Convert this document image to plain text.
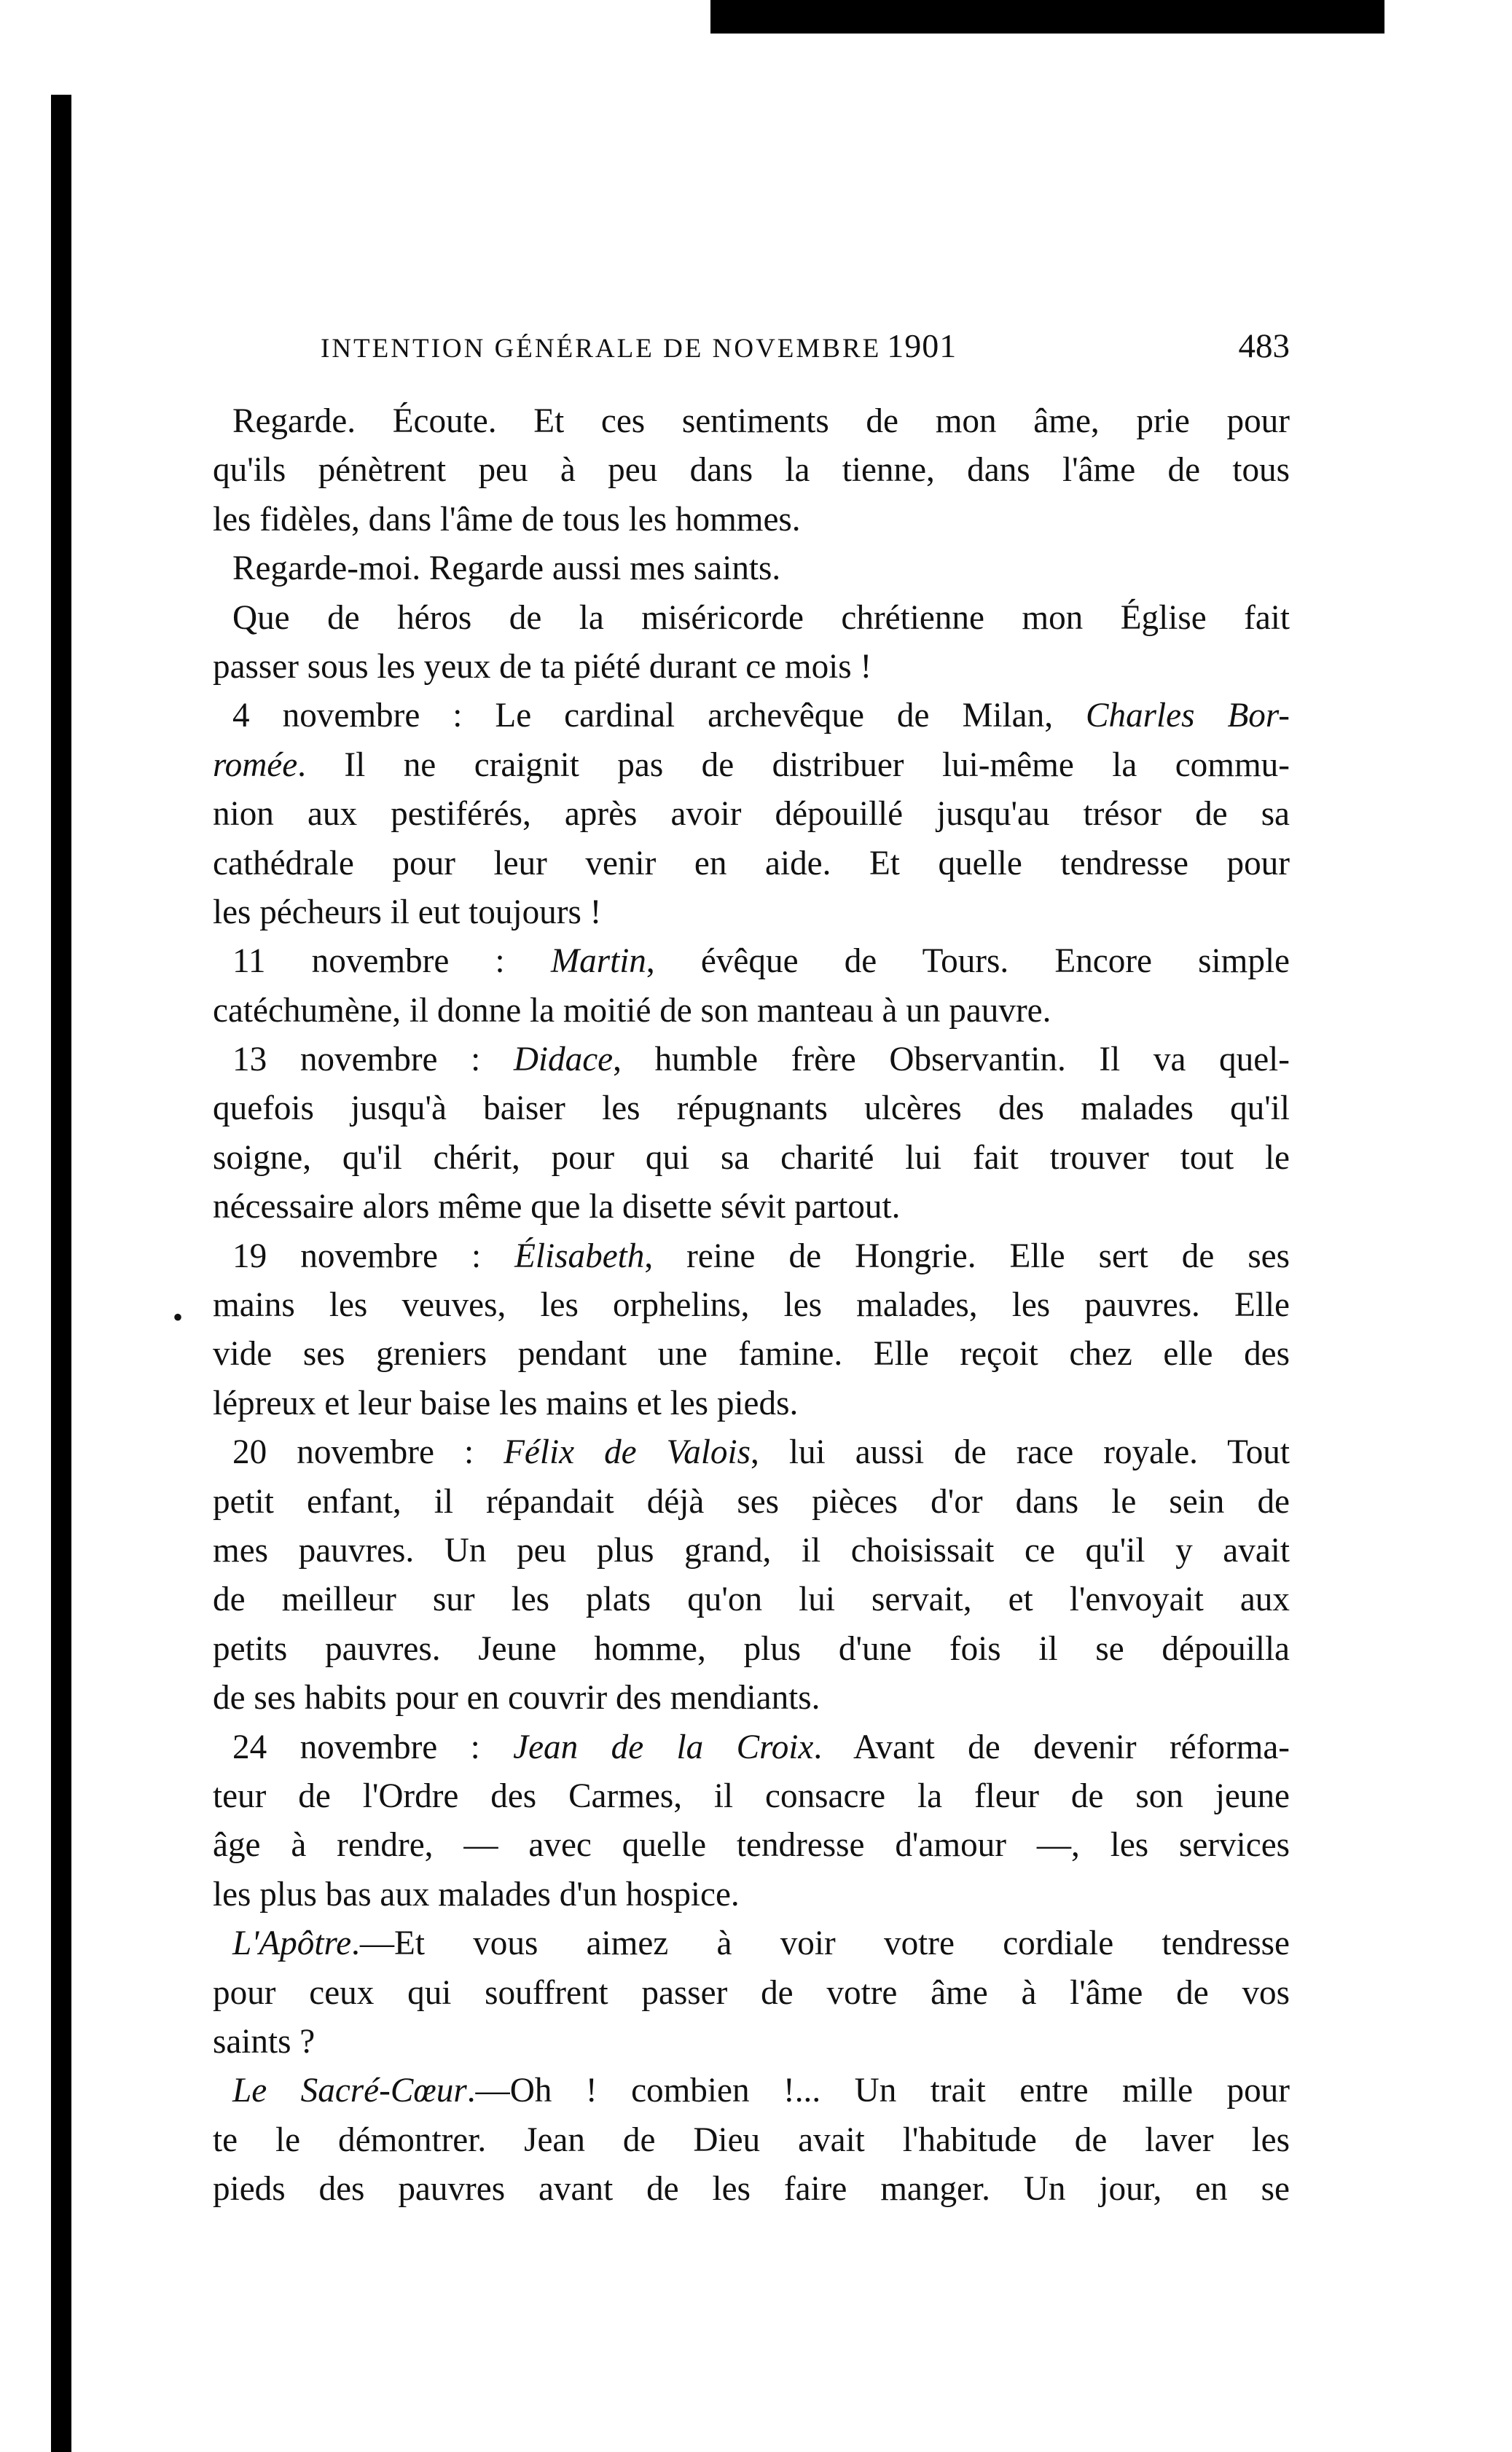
INTENTION GÉNÉRALE DE NOVEMBRE 1901	483
•
Regarde. Écoute. Et ces sentiments de mon âme, prie pour
qu'ils pénètrent peu à peu dans la tienne, dans l'âme de tous
les fidèles, dans l'âme de tous les hommes.
Regarde-moi. Regarde aussi mes saints.
Que de héros de la miséricorde chrétienne mon Église fait
passer sous les yeux de ta piété durant ce mois !
4 novembre : Le cardinal archevêque de Milan, Charles Bor-
romée. Il ne craignit pas de distribuer lui-même la commu-
nion aux pestiférés, après avoir dépouillé jusqu'au trésor de sa
cathédrale pour leur venir en aide. Et quelle tendresse pour
les pécheurs il eut toujours !
11 novembre : Martin, évêque de Tours. Encore simple
catéchumène, il donne la moitié de son manteau à un pauvre.
13 novembre : Didace, humble frère Observantin. Il va quel-
quefois jusqu'à baiser les répugnants ulcères des malades qu'il
soigne, qu'il chérit, pour qui sa charité lui fait trouver tout le
nécessaire alors même que la disette sévit partout.
19 novembre : Élisabeth, reine de Hongrie. Elle sert de ses
mains les veuves, les orphelins, les malades, les pauvres. Elle
vide ses greniers pendant une famine. Elle reçoit chez elle des
lépreux et leur baise les mains et les pieds.
20 novembre : Félix de Valois, lui aussi de race royale. Tout
petit enfant, il répandait déjà ses pièces d'or dans le sein de
mes pauvres. Un peu plus grand, il choisissait ce qu'il y avait
de meilleur sur les plats qu'on lui servait, et l'envoyait aux
petits pauvres. Jeune homme, plus d'une fois il se dépouilla
de ses habits pour en couvrir des mendiants.
24 novembre : Jean de la Croix. Avant de devenir réforma-
teur de l'Ordre des Carmes, il consacre la fleur de son jeune
âge à rendre, — avec quelle tendresse d'amour —, les services
les plus bas aux malades d'un hospice.
L'Apôtre.—Et vous aimez à voir votre cordiale tendresse
pour ceux qui souffrent passer de votre âme à l'âme de vos
saints ?
Le Sacré-Cœur.—Oh ! combien !... Un trait entre mille pour
te le démontrer. Jean de Dieu avait l'habitude de laver les
pieds des pauvres avant de les faire manger. Un jour, en se
